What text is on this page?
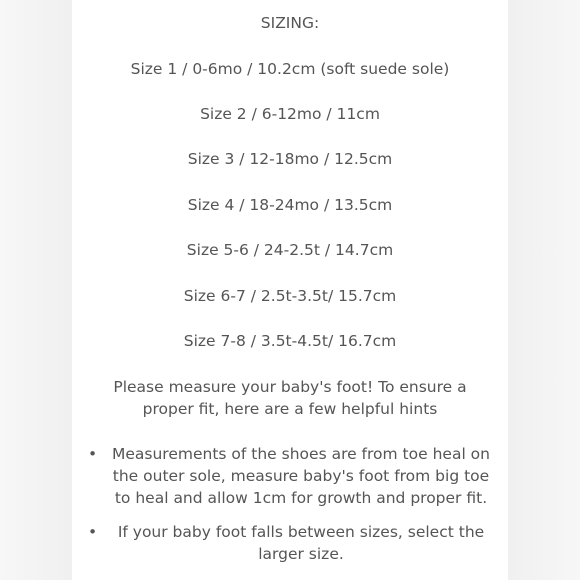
SIZING:
Size 1 / 0-6mo / 10.2cm (soft suede sole)
Size 2 / 6-12mo / 11cm
Size 3 / 12-18mo / 12.5cm
Size 4 / 18-24mo / 13.5cm
Size 5-6 / 24-2.5t / 14.7cm
Size 6-7 / 2.5t-3.5t/ 15.7cm
Size 7-8 / 3.5t-4.5t/ 16.7cm
Please measure your baby's foot! To ensure a proper fit, here are a few helpful hints
• Measurements of the shoes are from toe heal on the outer sole, measure baby's foot from big toe to heal and allow 1cm for growth and proper fit.
•	If your baby foot falls between sizes, select the larger size.
